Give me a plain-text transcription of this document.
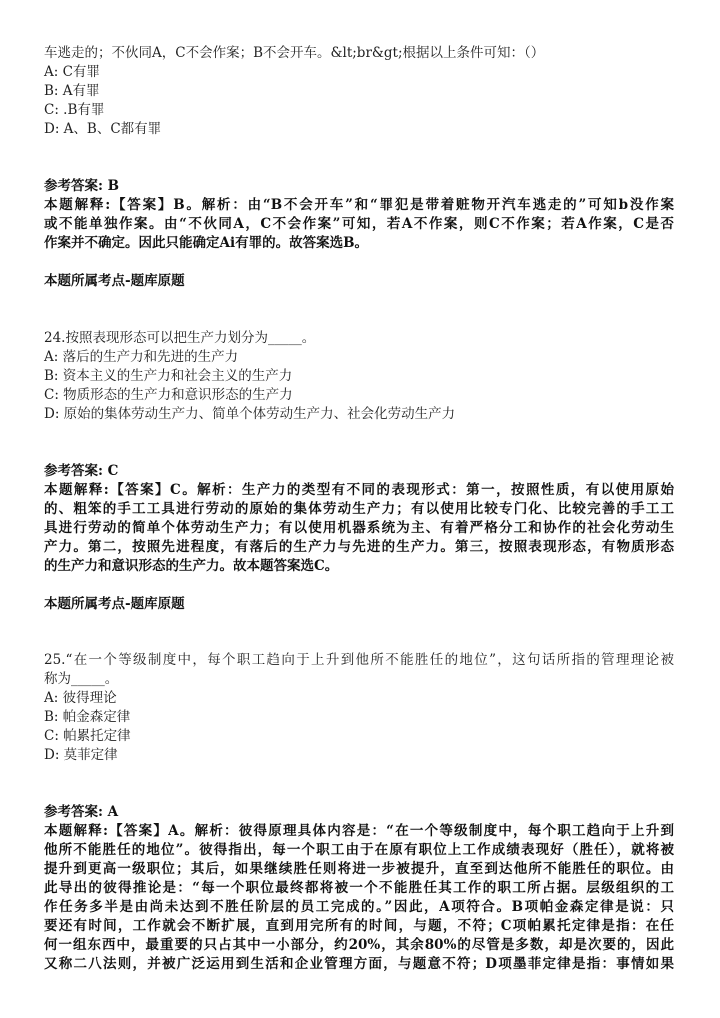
车逃走的；不伙同A，C不会作案；B不会开车。&lt;br&gt;根据以上条件可知：（）
A: C有罪
B: A有罪
C: .B有罪
D: A、B、C都有罪
参考答案: B
本题解释:【答案】B。解析：由“B不会开车”和“罪犯是带着赃物开汽车逃走的”可知b没作案
或不能单独作案。由“不伙同A，C不会作案”可知，若A不作案，则C不作案；若A作案，C是否
作案并不确定。因此只能确定Ai有罪的。故答案选B。
本题所属考点-题库原题
24.按照表现形态可以把生产力划分为_____。
A: 落后的生产力和先进的生产力
B: 资本主义的生产力和社会主义的生产力
C: 物质形态的生产力和意识形态的生产力
D: 原始的集体劳动生产力、简单个体劳动生产力、社会化劳动生产力
参考答案: C
本题解释:【答案】C。解析：生产力的类型有不同的表现形式：第一，按照性质，有以使用原始
的、粗笨的手工工具进行劳动的原始的集体劳动生产力；有以使用比较专门化、比较完善的手工工
具进行劳动的简单个体劳动生产力；有以使用机器系统为主、有着严格分工和协作的社会化劳动生
产力。第二，按照先进程度，有落后的生产力与先进的生产力。第三，按照表现形态，有物质形态
的生产力和意识形态的生产力。故本题答案选C。
本题所属考点-题库原题
25.“在一个等级制度中，每个职工趋向于上升到他所不能胜任的地位”，这句话所指的管理理论被
称为_____。
A: 彼得理论
B: 帕金森定律
C: 帕累托定律
D: 莫菲定律
参考答案: A
本题解释:【答案】A。解析：彼得原理具体内容是：“在一个等级制度中，每个职工趋向于上升到
他所不能胜任的地位”。彼得指出，每一个职工由于在原有职位上工作成绩表现好（胜任），就将被
提升到更高一级职位；其后，如果继续胜任则将进一步被提升，直至到达他所不能胜任的职位。由
此导出的彼得推论是：“每一个职位最终都将被一个不能胜任其工作的职工所占据。层级组织的工
作任务多半是由尚未达到不胜任阶层的员工完成的。”因此，A项符合。B项帕金森定律是说：只
要还有时间，工作就会不断扩展，直到用完所有的时间，与题，不符；C项帕累托定律是指：在任
何一组东西中，最重要的只占其中一小部分，约20%，其余80%的尽管是多数，却是次要的，因此
又称二八法则，并被广泛运用到生活和企业管理方面，与题意不符；D项墨菲定律是指：事情如果
